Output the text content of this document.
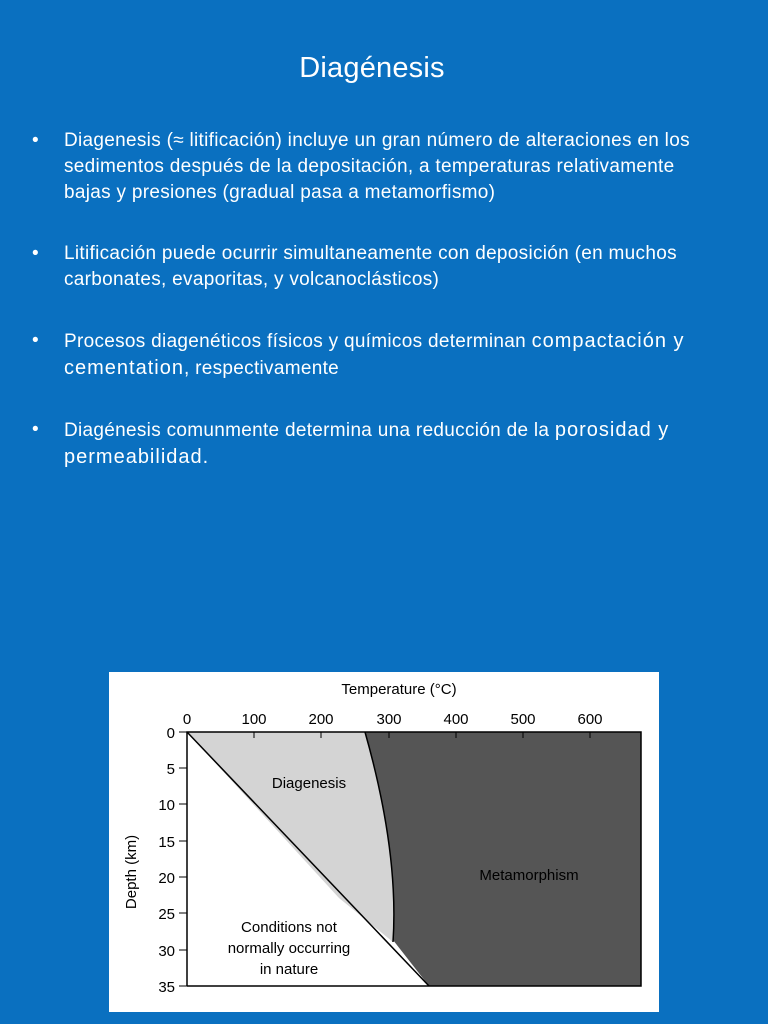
Diagénesis
•	Diagenesis (≈ litificación) incluye un gran número de alteraciones en los sedimentos después de la depositación, a temperaturas relativamente bajas y presiones (gradual pasa a metamorfismo)
•	Litificación puede ocurrir simultaneamente con deposición (en muchos carbonates, evaporitas, y volcanoclásticos)
•	Procesos diagenéticos físicos y químicos determinan compactación y cementation, respectivamente
•	Diagénesis comunmente determina una reducción de la porosidad y permeabilidad.
0	100	200	300	400	500	600
Temperature (°C)
0
5
10
15
20
25
30
35
Depth (km)
Diagenesis
Metamorphism
Conditions not
normally occurring
in nature
